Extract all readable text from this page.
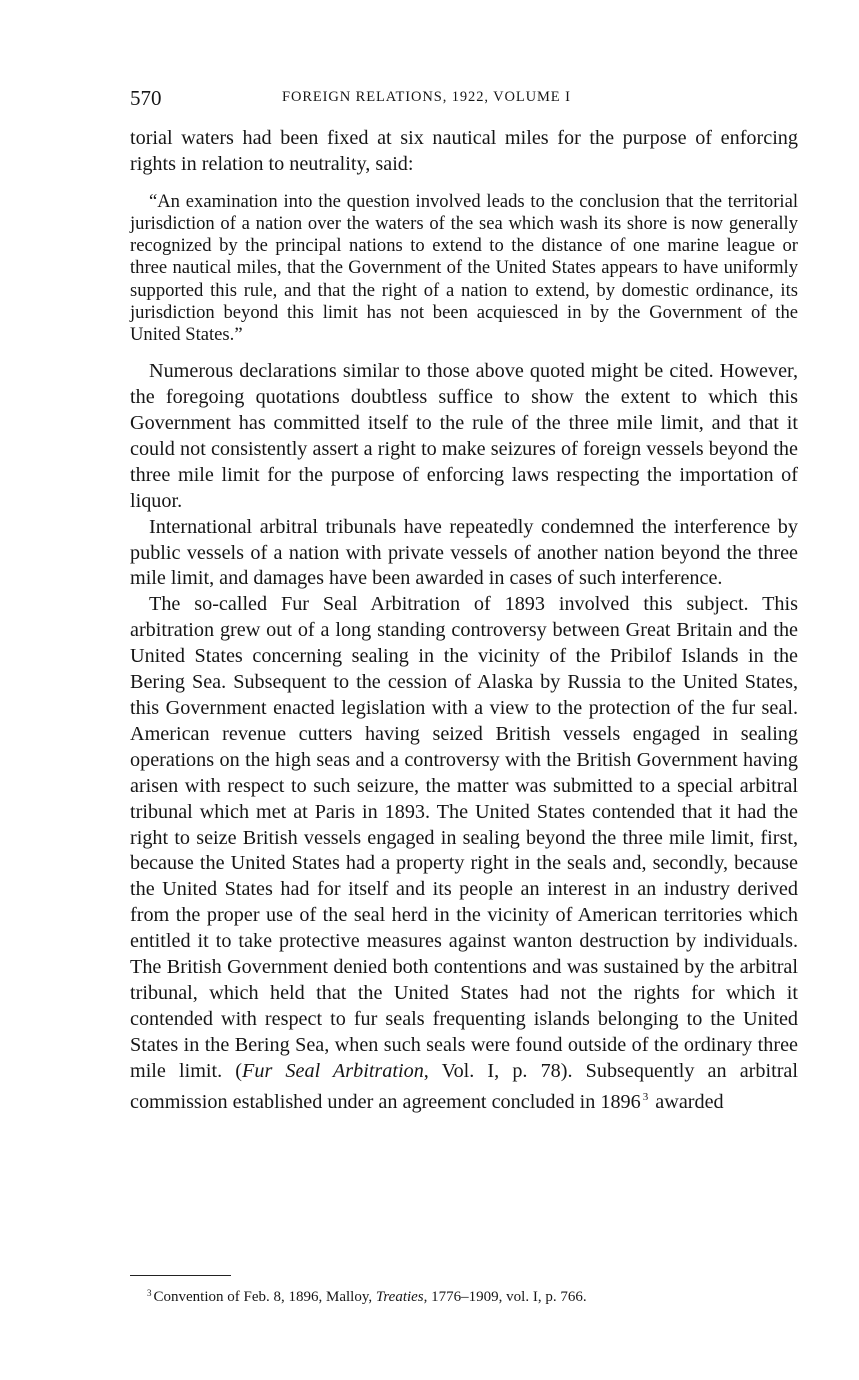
570	FOREIGN RELATIONS, 1922, VOLUME I

torial waters had been fixed at six nautical miles for the purpose of enforcing rights in relation to neutrality, said:

“An examination into the question involved leads to the conclusion that the territorial jurisdiction of a nation over the waters of the sea which wash its shore is now generally recognized by the principal nations to extend to the distance of one marine league or three nautical miles, that the Government of the United States appears to have uniformly supported this rule, and that the right of a nation to extend, by domestic ordinance, its jurisdiction beyond this limit has not been acquiesced in by the Government of the United States.”

Numerous declarations similar to those above quoted might be cited. However, the foregoing quotations doubtless suffice to show the extent to which this Government has committed itself to the rule of the three mile limit, and that it could not consistently assert a right to make seizures of foreign vessels beyond the three mile limit for the purpose of enforcing laws respecting the importation of liquor.

International arbitral tribunals have repeatedly condemned the interference by public vessels of a nation with private vessels of another nation beyond the three mile limit, and damages have been awarded in cases of such interference.

The so-called Fur Seal Arbitration of 1893 involved this subject. This arbitration grew out of a long standing controversy between Great Britain and the United States concerning sealing in the vicinity of the Pribilof Islands in the Bering Sea. Subsequent to the cession of Alaska by Russia to the United States, this Government enacted legislation with a view to the protection of the fur seal. American revenue cutters having seized British vessels engaged in sealing operations on the high seas and a controversy with the British Government having arisen with respect to such seizure, the matter was submitted to a special arbitral tribunal which met at Paris in 1893. The United States contended that it had the right to seize British vessels engaged in sealing beyond the three mile limit, first, because the United States had a property right in the seals and, secondly, because the United States had for itself and its people an interest in an industry derived from the proper use of the seal herd in the vicinity of American territories which entitled it to take protective measures against wanton destruction by individuals. The British Government denied both contentions and was sustained by the arbitral tribunal, which held that the United States had not the rights for which it contended with respect to fur seals frequenting islands belonging to the United States in the Bering Sea, when such seals were found outside of the ordinary three mile limit. (Fur Seal Arbitration, Vol. I, p. 78). Subsequently an arbitral commission established under an agreement concluded in 1896 $^3$ awarded

$^3$ Convention of Feb. 8, 1896, Malloy, Treaties, 1776–1909, vol. I, p. 766.
